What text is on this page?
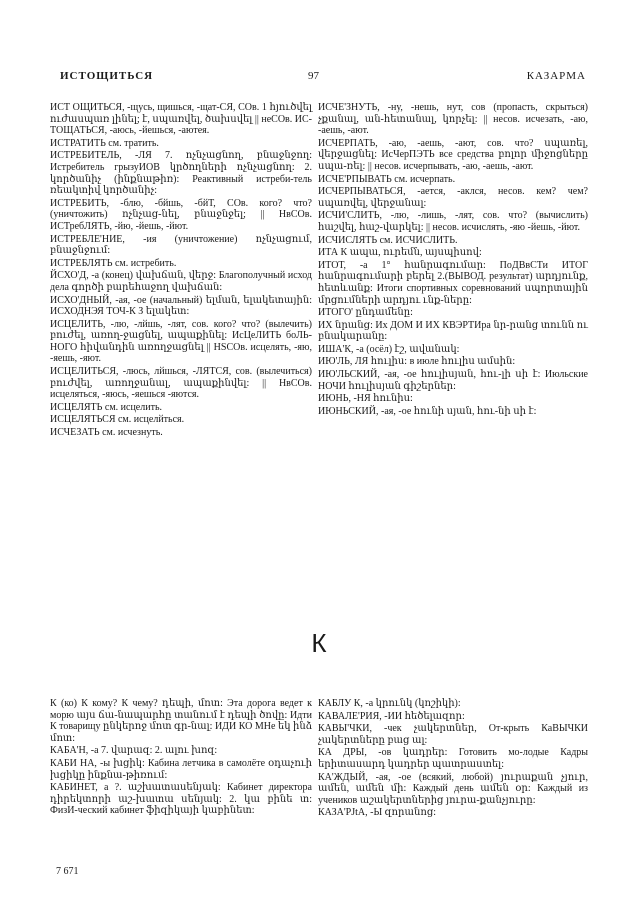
ИСТОЩИТЬСЯ	97	КАЗАРМА
ИСТ ОЩИТЬСЯ, -щусь, щишься, -щат-СЯ, СОв. 1 հյուծվել ուժասպառ լինել; է, սպառվել, ծախսվել || неСОв. ИС-ТОЩАТЬСЯ, -аюсь, -йешься, -аютея.
ИСТРАТИТЬ см. тратить.
ИСТРЕБИТЕЛЬ, -ЛЯ 7. ոչնչացնող, բնաջնջող: Истребитель грызуИОВ կրծողների ոչնչացնող: 2. կործանիչ (ինքնաթիռ): Реактивный истреби-тель ռեակտիվ կործանիչ:
ИСТРЕБИТЬ, -блю, -бйшь, -бйТ, СОв. кого? что?(уничтожить) ոչնչաց-նել, բնաջնջել; || НвСОв. ИСТребЛЯТЬ, -йю, -йешь, -йют.
ИСТРЕБЛЕ'НИЕ, -ия (уничтожение) ոչնչացում, բնաջնջում:
ИСТРЕБЛЯТЬ см. истребить.
ЙСХО'Д, -а (конец) վախճան, վերջ: Благополучный исход дела գործի բարեհաջող վախճան:
ИСХО'ДНЫЙ, -ая, -ое (начальный) ելման, ելակետային: ИСХОДНЭЯ ТОЧ-К З ելակետ:
ИСЦЕЛИТЬ, -лю, -лйшь, -лят, сов. кого? что? (вылечить) բուժել, առող-ջացնել, ապաքինել: ИсЦеЛИТЬ боЛЬ-НОГО հիվանդին առողջացնել || НЅСОв. исцелять, -яю, -яешь, -яют.
ИСЦЕЛИТЬСЯ, -люсь, лйшься, -ЛЯТСЯ, сов. (вылечиться) բուժվել, առողջանալ, ապաքինվել: || НвСОв. исцеляться, -яюсь, -яешься -яются.
ИСЦЕЛЯТЬ см. исцелить.
ИСЦЕЛЯТЬСЯ см. исцелйться.
ИСЧЕЗАТЬ см. исчезнуть.
ИСЧЕ'ЗНУТЬ, -ну, -нешь, нут, сов (пропасть, скрыться) չքանալ, ան-հետանալ, կորչել: || несов. исчезать, -аю, -аешь, -ают.
ИСЧЕРПАТЬ, -аю, -аешь, -ают, сов. что? սպառել, վերջացնել: ИсЧерПЭТЬ все средства բոլոր միջոցները սպա-ռել: || несов. исчерпывать, -аю, -аешь, -ают.
ИСЧЕ'РПЫВАТЬ см. исчерпать.
ИСЧЕРПЫВАТЬСЯ, -ается, -аклся, несов. кем? чем? սպառվել, վերջանալ:
ИСЧИ'СЛИТЬ, -лю, -лишь, -лят, сов. что? (вычислить) հաշվել, հաշ-վարկել: || несов. исчислять, -яю -йешь, -йют.
ИСЧИСЛЯТЬ см. ИСЧИСЛИТЬ.
ИТА К ապա, ուրեմն, այսպիսով:
ИТОТ, -а 1° հանրագումար: ПоДВвСТи ИТОГ հանրագումարի բերել 2.(ВЫВОД. результат) արդյունք, հետևանք: Итоги спортивных соревнований սպորտային մրցումների արդյու ւնք-ները:
ИТОГО' ընդամենը:
ИХ նրանց: Их ДОМ И ИХ КВЭРТИра նր-րանց տունն ու բնակարանը:
ИША'К, -а (осёл) էշ, ավանակ:
ИЮ'ЛЬ, ЛЯ հուլիս: в июле հուլիս ամսին:
ИЮ'ЛЬСКИЙ, -ая, -ое հուլիսյան, հու-լի սի է: Июльские НОЧИ հուլիսյան գիշերներ:
ИЮНЬ, -НЯ հունիս:
ИЮНЬСКИЙ, -ая, -ое հունի սյան, հու-նի սի է:
К
К (ко) К кому? К чему? դեպի, մոտ: Эта дорога ведет к морю այս ճա-նապարհը տանում է դեպի ծովը: Идти К товарищу ընկերոջ մոտ գր-նալ: ИДИ КО МНе եկ ինձ մոտ:
КАБА'Н, -а 7. վարազ: 2. ալու խոզ:
КАБИ НА, -ы խցիկ: Кабина летчика в самолёте օդաչուի խցիկը ինքնա-թիռում:
КАБИНЕТ, а ?. աշխատասենյակ: Кабинет директора դիրեկտորի աշ-խատա սենյակ: 2. կա բինե տ: ФизИ-ческий кабинет ֆիզիկայի կաբինետ:
КАБЛУ К, -а կրունկ (կոշիկի):
КАВАЛЕ'РИЯ, -ИИ հեծելազոր:
КАВЫ'ЧКИ, -чек չակերտներ, От-крыть КаВЫЧКИ չակերտները բաց ալ:
КА ДРЫ, -ов կադրեր: Готовить мо-лодые Кадры երիտասարդ կադրեր պատրաստել:
КА'ЖДЫЙ, -ая, -ое (всякий, любой) յուրաքան չյուր, ամեն, ամեն մի: Каждый день ամեն օր: Каждый из учеников աշակերտներից յուրա-քանչյուրը:
КАЗА'РЈtА, -Ы զորանոց:
7 671
